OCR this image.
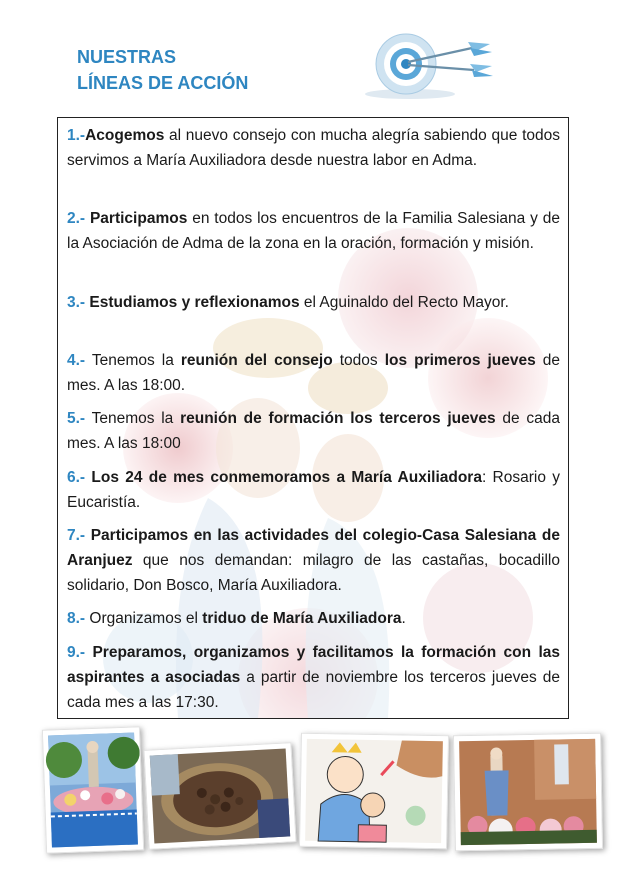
NUESTRAS
LÍNEAS DE ACCIÓN
1.-Acogemos al nuevo consejo con mucha alegría sabiendo que todos servimos a María Auxiliadora desde nuestra labor en Adma.
2.- Participamos en todos los encuentros de la Familia Salesiana y de la Asociación de Adma de la zona en la oración, formación y misión.
3.- Estudiamos y reflexionamos el Aguinaldo del Recto Mayor.
4.- Tenemos la reunión del consejo todos los primeros jueves de mes. A las 18:00.
5.- Tenemos la reunión de formación los terceros jueves de cada mes. A las 18:00
6.- Los 24 de mes conmemoramos a María Auxiliadora: Rosario y Eucaristía.
7.- Participamos en las actividades del colegio-Casa Salesiana de Aranjuez que nos demandan: milagro de las castañas, bocadillo solidario, Don Bosco, María Auxiliadora.
8.- Organizamos el triduo de María Auxiliadora.
9.- Preparamos, organizamos y facilitamos la formación con las aspirantes a asociadas a partir de noviembre los terceros jueves de cada mes a las 17:30.
